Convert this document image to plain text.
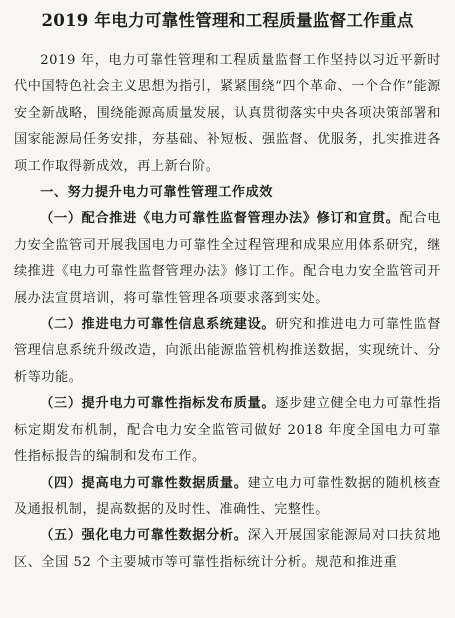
2019 年电力可靠性管理和工程质量监督工作重点

2019 年，电力可靠性管理和工程质量监督工作坚持以习近平新时代中国特色社会主义思想为指引，紧紧围绕“四个革命、一个合作”能源安全新战略，围绕能源高质量发展，认真贯彻落实中央各项决策部署和国家能源局任务安排，夯基础、补短板、强监督、优服务，扎实推进各项工作取得新成效，再上新台阶。

一、努力提升电力可靠性管理工作成效

（一）配合推进《电力可靠性监督管理办法》修订和宣贯。配合电力安全监管司开展我国电力可靠性全过程管理和成果应用体系研究，继续推进《电力可靠性监督管理办法》修订工作。配合电力安全监管司开展办法宣贯培训，将可靠性管理各项要求落到实处。

（二）推进电力可靠性信息系统建设。研究和推进电力可靠性监督管理信息系统升级改造，向派出能源监管机构推送数据，实现统计、分析等功能。

（三）提升电力可靠性指标发布质量。逐步建立健全电力可靠性指标定期发布机制，配合电力安全监管司做好 2018 年度全国电力可靠性指标报告的编制和发布工作。

（四）提高电力可靠性数据质量。建立电力可靠性数据的随机核查及通报机制，提高数据的及时性、准确性、完整性。

（五）强化电力可靠性数据分析。深入开展国家能源局对口扶贫地区、全国 52 个主要城市等可靠性指标统计分析。规范和推进重
